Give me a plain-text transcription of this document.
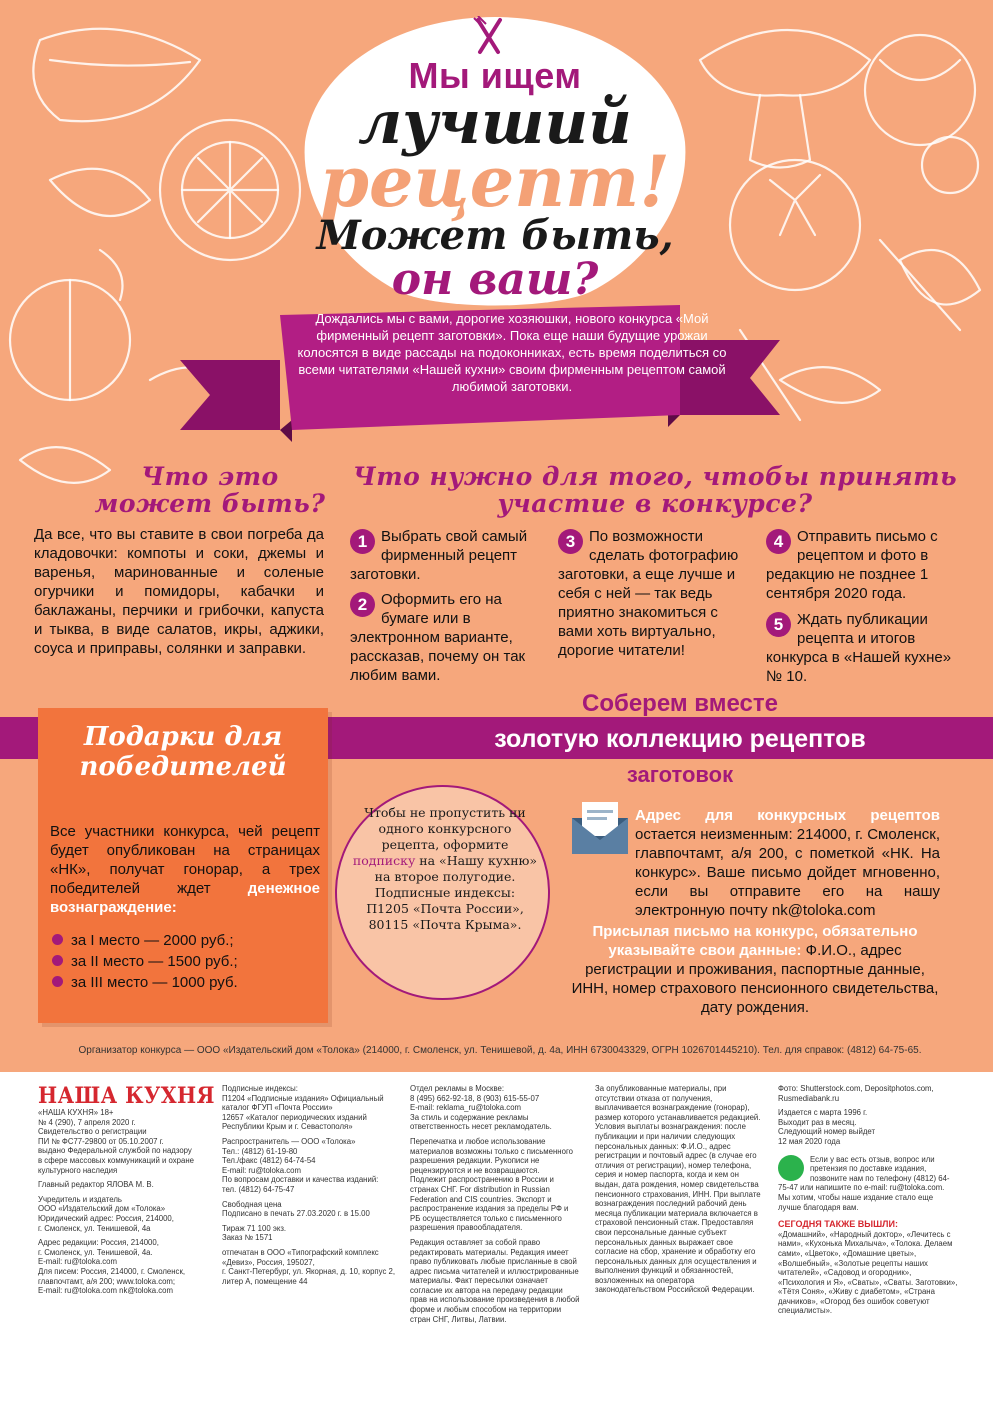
Мы ищем
лучший
рецепт!
Может быть,
он ваш?
Дождались мы с вами, дорогие хозяюшки, нового конкурса «Мой фирменный рецепт заготовки». Пока еще наши будущие урожаи колосятся в виде рассады на подоконниках, есть время поделиться со всеми читателями «Нашей кухни» своим фирменным рецептом самой любимой заготовки.
Что это может быть?
Да все, что вы ставите в свои погреба да кладовочки: компоты и соки, джемы и варенья, маринованные и соленые огурчики и помидоры, кабачки и баклажаны, перчики и грибочки, капуста и тыква, в виде салатов, икры, аджики, соуса и приправы, солянки и заправки.
Что нужно для того, чтобы принять участие в конкурсе?
1 Выбрать свой самый фирменный рецепт заготовки.
2 Оформить его на бумаге или в электронном варианте, рассказав, почему он так любим вами.
3 По возможности сделать фотографию заготовки, а еще лучше и себя с ней — так ведь приятно знакомиться с вами хоть виртуально, дорогие читатели!
4 Отправить письмо с рецептом и фото в редакцию не позднее 1 сентября 2020 года.
5 Ждать публикации рецепта и итогов конкурса в «Нашей кухне» № 10.
Подарки для победителей
Все участники конкурса, чей рецепт будет опубликован на страницах «НК», получат гонорар, а трех победителей ждет денежное вознаграждение:
за I место — 2000 руб.;
за II место — 1500 руб.;
за III место — 1000 руб.
Соберем вместе
золотую коллекцию рецептов
заготовок
Чтобы не пропустить ни одного конкурсного рецепта, оформите подписку на «Нашу кухню» на второе полугодие.
Подписные индексы:
П1205 «Почта России», 80115 «Почта Крыма».
Адрес для конкурсных рецептов остается неизменным: 214000, г. Смоленск, главпочтамт, а/я 200, с пометкой «НК. На конкурс». Ваше письмо дойдет мгновенно, если вы отправите его на нашу электронную почту nk@toloka.com
Присылая письмо на конкурс, обязательно указывайте свои данные: Ф.И.О., адрес регистрации и проживания, паспортные данные, ИНН, номер страхового пенсионного свидетельства, дату рождения.
Организатор конкурса — ООО «Издательский дом «Толока» (214000, г. Смоленск, ул. Тенишевой, д. 4а, ИНН 6730043329, ОГРН 1026701445210). Тел. для справок: (4812) 64-75-65.
НАША КУХНЯ
«НАША КУХНЯ» 18+
№ 4 (290), 7 апреля 2020 г.
Свидетельство о регистрации
ПИ № ФС77-29800 от 05.10.2007 г.
выдано Федеральной службой по надзору
в сфере массовых коммуникаций и охране
культурного наследия
Главный редактор ЯЛОВА М. В.
Учредитель и издатель
ООО «Издательский дом «Толока»
Юридический адрес: Россия, 214000,
г. Смоленск, ул. Тенишевой, 4а
Адрес редакции: Россия, 214000,
г. Смоленск, ул. Тенишевой, 4а.
E-mail: ru@toloka.com
Для писем: Россия, 214000, г. Смоленск,
главпочтамт, а/я 200; www.toloka.com;
E-mail: ru@toloka.com nk@toloka.com
Подписные индексы:
П1204 «Подписные издания» Официальный каталог ФГУП «Почта России»
12657 «Каталог периодических изданий Республики Крым и г. Севастополя»
Распространитель — ООО «Толока»
Тел.: (4812) 61-19-80
Тел./факс (4812) 64-74-54
E-mail: ru@toloka.com
По вопросам доставки и качества изданий:
тел. (4812) 64-75-47
Свободная цена
Подписано в печать 27.03.2020 г. в 15.00
Тираж 71 100 экз.
Заказ № 1571
отпечатан в ООО «Типографский комплекс «Девиз», Россия, 195027,
г. Санкт-Петербург, ул. Якорная, д. 10, корпус 2, литер А, помещение 44
Отдел рекламы в Москве:
8 (495) 662-92-18, 8 (903) 615-55-07
E-mail: reklama_ru@toloka.com
За стиль и содержание рекламы ответственность несет рекламодатель.
Перепечатка и любое использование материалов возможны только с письменного разрешения редакции. Рукописи не рецензируются и не возвращаются.
Подлежит распространению в России и странах СНГ. For distribution in Russian Federation and CIS countries. Экспорт и распространение издания за пределы РФ и РБ осуществляется только с письменного разрешения правообладателя.
Редакция оставляет за собой право редактировать материалы. Редакция имеет право публиковать любые присланные в свой адрес письма читателей и иллюстрированные материалы. Факт пересылки означает согласие их автора на передачу редакции прав на использование произведения в любой форме и любым способом на территории стран СНГ, Литвы, Латвии.
За опубликованные материалы, при отсутствии отказа от получения, выплачивается вознаграждение (гонорар), размер которого устанавливается редакцией. Условия выплаты вознаграждения: после публикации и при наличии следующих персональных данных: Ф.И.О., адрес регистрации и почтовый адрес (в случае его отличия от регистрации), номер телефона, серия и номер паспорта, когда и кем он выдан, дата рождения, номер свидетельства пенсионного страхования, ИНН. При выплате вознаграждения последний рабочий день месяца публикации материала включается в страховой пенсионный стаж. Предоставляя свои персональные данные субъект персональных данных выражает свое согласие на сбор, хранение и обработку его персональных данных для осуществления и выполнения функций и обязанностей, возложенных на оператора законодательством Российской Федерации.
Фото: Shutterstock.com, Depositphotos.com, Rusmediabank.ru
Издается с марта 1996 г.
Выходит раз в месяц.
Следующий номер выйдет
12 мая 2020 года
Если у вас есть отзыв, вопрос или претензия по доставке издания, позвоните нам по телефону (4812) 64-75-47 или напишите по e-mail: ru@toloka.com. Мы хотим, чтобы наше издание стало еще лучше благодаря вам.
СЕГОДНЯ ТАКЖЕ ВЫШЛИ:
«Домашний», «Народный доктор», «Лечитесь с нами», «Кухонька Михалыча», «Толока. Делаем сами», «Цветок», «Домашние цветы», «Волшебный», «Золотые рецепты наших читателей», «Садовод и огородник», «Психология и Я», «Сваты», «Сваты. Заготовки», «Тётя Соня», «Живу с диабетом», «Страна дачников», «Огород без ошибок советуют специалисты».
